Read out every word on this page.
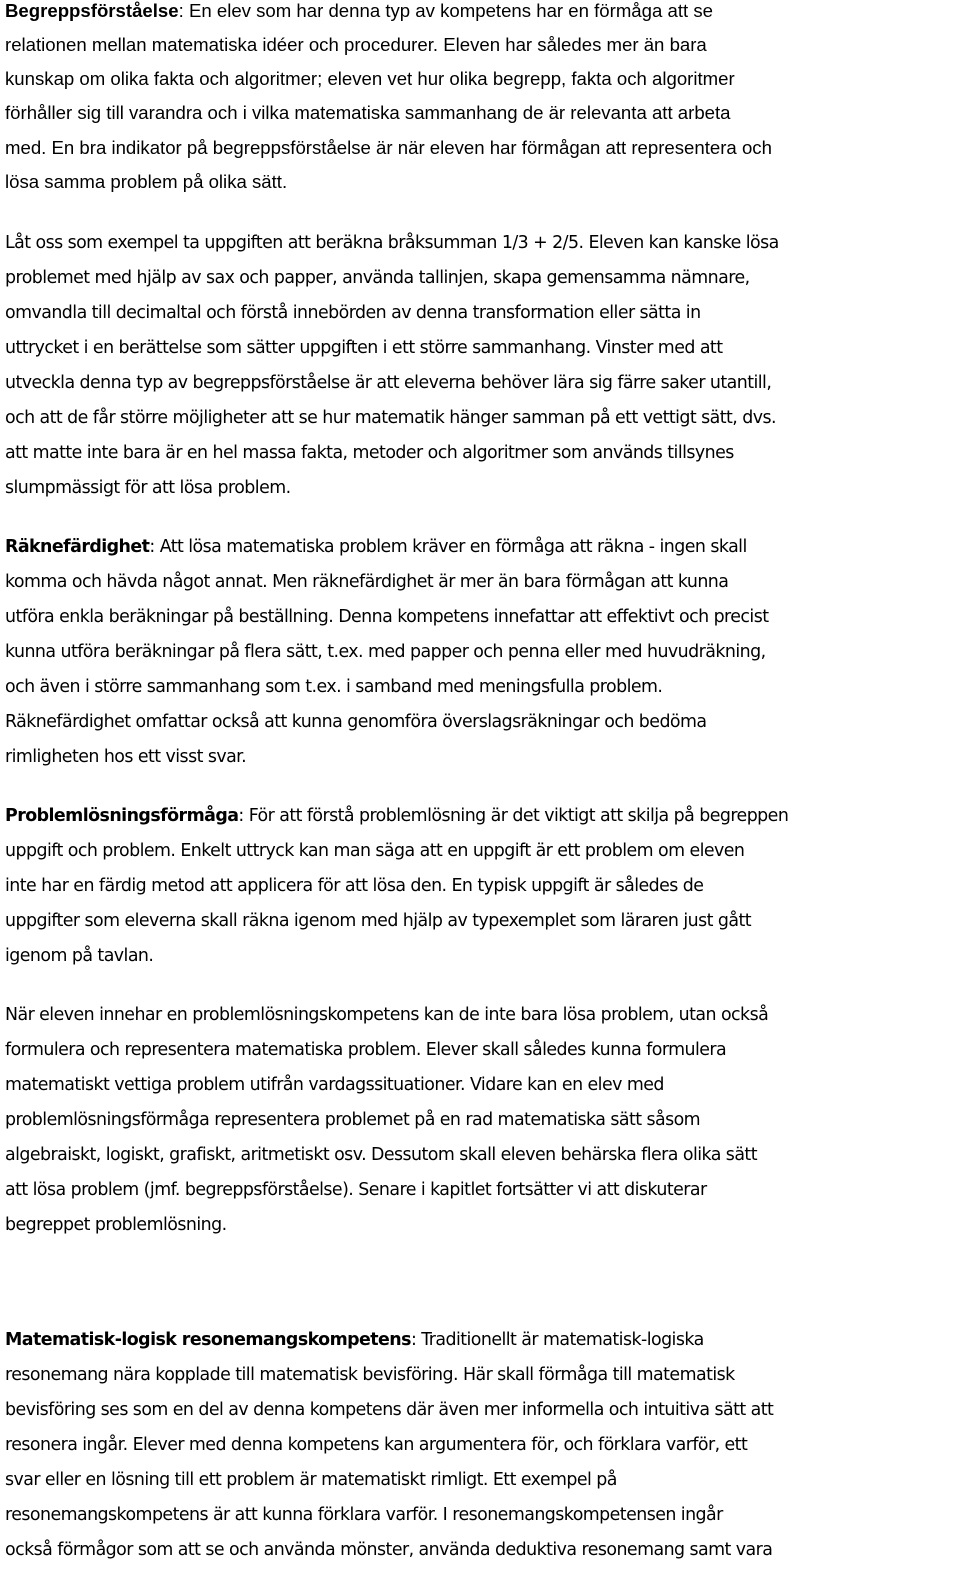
Begreppsförståelse: En elev som har denna typ av kompetens har en förmåga att se
relationen mellan matematiska idéer och procedurer. Eleven har således mer än bara
kunskap om olika fakta och algoritmer; eleven vet hur olika begrepp, fakta och algoritmer
förhåller sig till varandra och i vilka matematiska sammanhang de är relevanta att arbeta
med. En bra indikator på begreppsförståelse är när eleven har förmågan att representera och
lösa samma problem på olika sätt.
Låt oss som exempel ta uppgiften att beräkna bråksumman 1/3 + 2/5. Eleven kan kanske lösa
problemet med hjälp av sax och papper, använda tallinjen, skapa gemensamma nämnare,
omvandla till decimaltal och förstå innebörden av denna transformation eller sätta in
uttrycket i en berättelse som sätter uppgiften i ett större sammanhang. Vinster med att
utveckla denna typ av begreppsförståelse är att eleverna behöver lära sig färre saker utantill,
och att de får större möjligheter att se hur matematik hänger samman på ett vettigt sätt, dvs.
att matte inte bara är en hel massa fakta, metoder och algoritmer som används tillsynes
slumpmässigt för att lösa problem.
Räknefärdighet: Att lösa matematiska problem kräver en förmåga att räkna - ingen skall
komma och hävda något annat. Men räknefärdighet är mer än bara förmågan att kunna
utföra enkla beräkningar på beställning. Denna kompetens innefattar att effektivt och precist
kunna utföra beräkningar på flera sätt, t.ex. med papper och penna eller med huvudräkning,
och även i större sammanhang som t.ex. i samband med meningsfulla problem.
Räknefärdighet omfattar också att kunna genomföra överslagsräkningar och bedöma
rimligheten hos ett visst svar.
Problemlösningsförmåga: För att förstå problemlösning är det viktigt att skilja på begreppen
uppgift och problem. Enkelt uttryck kan man säga att en uppgift är ett problem om eleven
inte har en färdig metod att applicera för att lösa den. En typisk uppgift är således de
uppgifter som eleverna skall räkna igenom med hjälp av typexemplet som läraren just gått
igenom på tavlan.
När eleven innehar en problemlösningskompetens kan de inte bara lösa problem, utan också
formulera och representera matematiska problem. Elever skall således kunna formulera
matematiskt vettiga problem utifrån vardagssituationer. Vidare kan en elev med
problemlösningsförmåga representera problemet på en rad matematiska sätt såsom
algebraiskt, logiskt, grafiskt, aritmetiskt osv. Dessutom skall eleven behärska flera olika sätt
att lösa problem (jmf. begreppsförståelse). Senare i kapitlet fortsätter vi att diskuterar
begreppet problemlösning.
Matematisk-logisk resonemangskompetens: Traditionellt är matematisk-logiska
resonemang nära kopplade till matematisk bevisföring. Här skall förmåga till matematisk
bevisföring ses som en del av denna kompetens där även mer informella och intuitiva sätt att
resonera ingår. Elever med denna kompetens kan argumentera för, och förklara varför, ett
svar eller en lösning till ett problem är matematiskt rimligt. Ett exempel på
resonemangskompetens är att kunna förklara varför. I resonemangskompetensen ingår
också förmågor som att se och använda mönster, använda deduktiva resonemang samt vara
